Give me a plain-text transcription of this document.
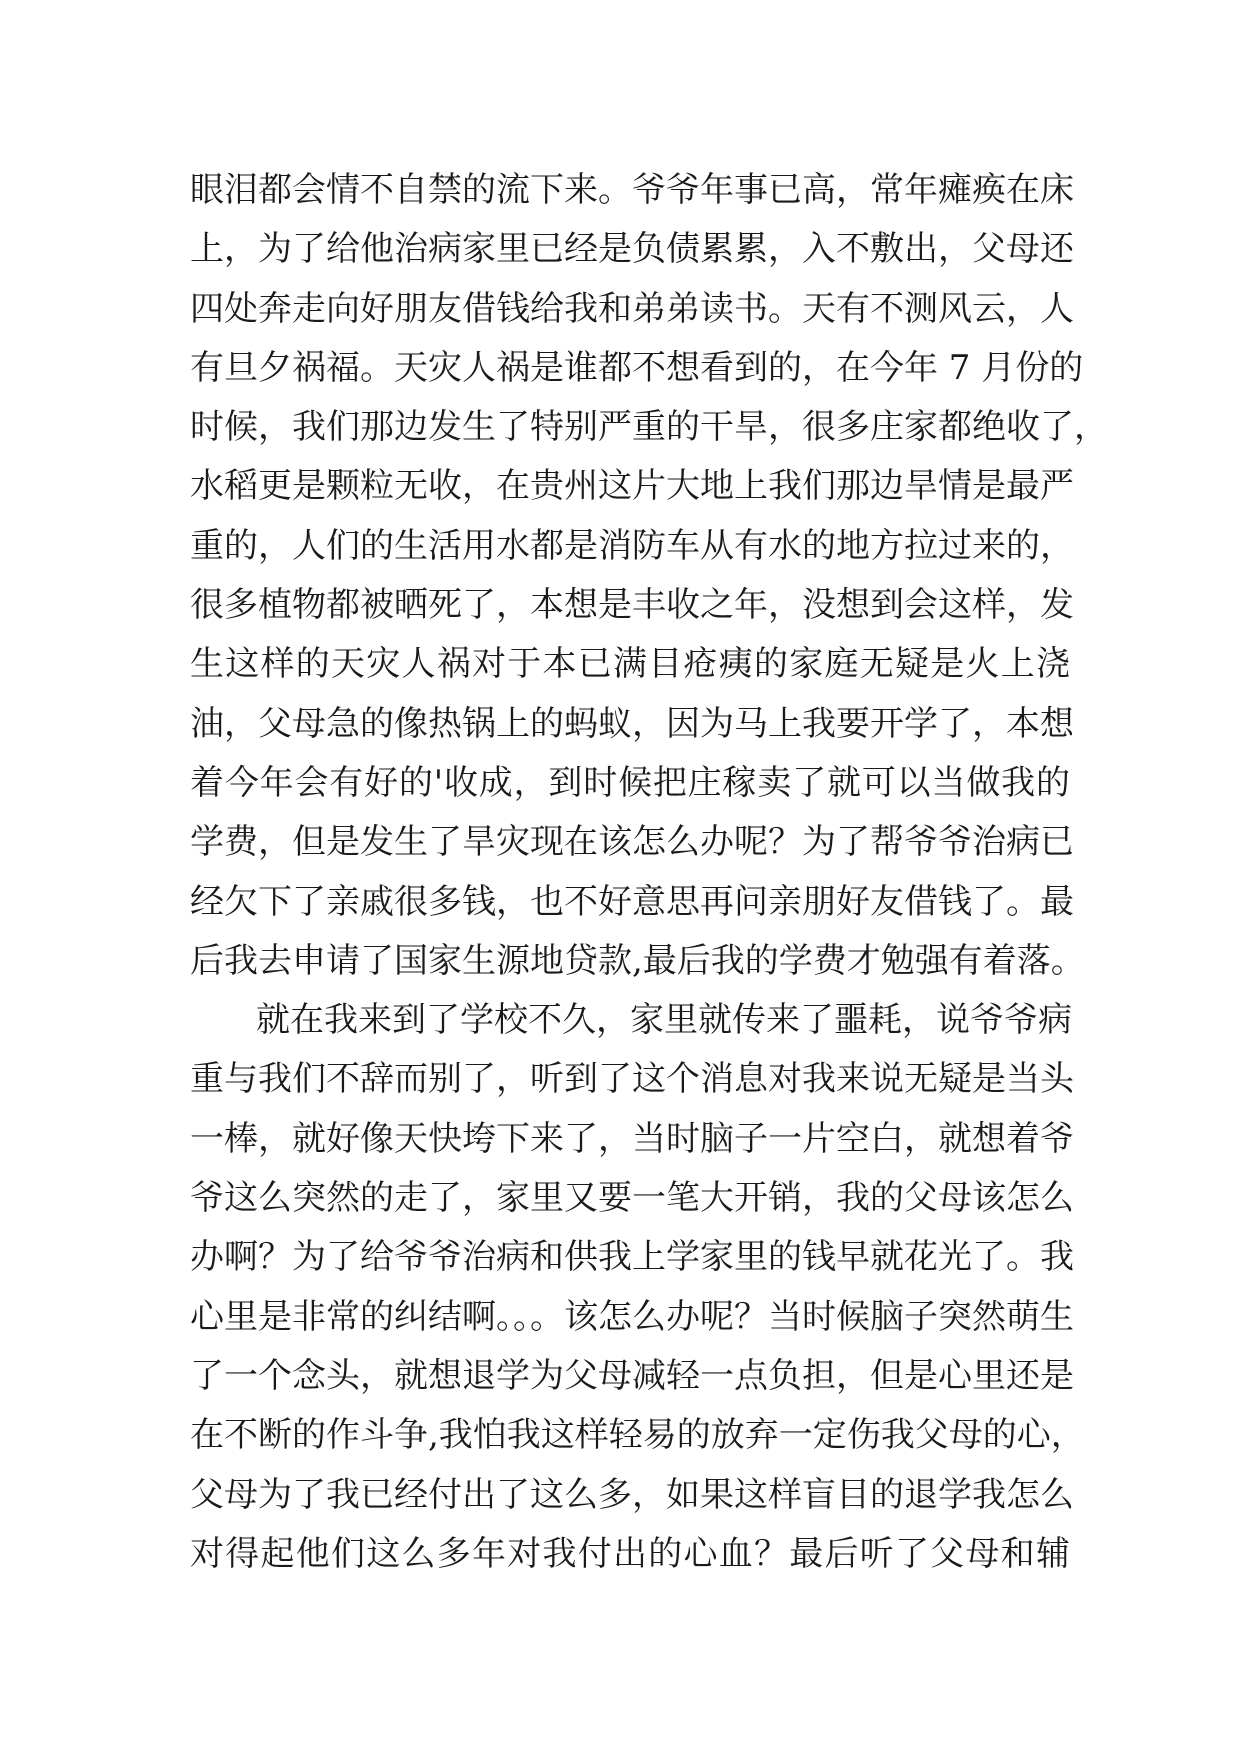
眼泪都会情不自禁的流下来。爷爷年事已高，常年瘫痪在床
上，为了给他治病家里已经是负债累累，入不敷出，父母还
四处奔走向好朋友借钱给我和弟弟读书。天有不测风云，人
有旦夕祸福。天灾人祸是谁都不想看到的，在今年 7 月份的
时候，我们那边发生了特别严重的干旱，很多庄家都绝收了，
水稻更是颗粒无收，在贵州这片大地上我们那边旱情是最严
重的，人们的生活用水都是消防车从有水的地方拉过来的，
很多植物都被晒死了，本想是丰收之年，没想到会这样，发
生这样的天灾人祸对于本已满目疮痍的家庭无疑是火上浇
油，父母急的像热锅上的蚂蚁，因为马上我要开学了，本想
着今年会有好的'收成，到时候把庄稼卖了就可以当做我的
学费，但是发生了旱灾现在该怎么办呢？为了帮爷爷治病已
经欠下了亲戚很多钱，也不好意思再问亲朋好友借钱了。最
后我去申请了国家生源地贷款,最后我的学费才勉强有着落。
就在我来到了学校不久，家里就传来了噩耗，说爷爷病
重与我们不辞而别了，听到了这个消息对我来说无疑是当头
一棒，就好像天快垮下来了，当时脑子一片空白，就想着爷
爷这么突然的走了，家里又要一笔大开销，我的父母该怎么
办啊？为了给爷爷治病和供我上学家里的钱早就花光了。我
心里是非常的纠结啊。。。该怎么办呢？当时候脑子突然萌生
了一个念头，就想退学为父母减轻一点负担，但是心里还是
在不断的作斗争,我怕我这样轻易的放弃一定伤我父母的心，
父母为了我已经付出了这么多，如果这样盲目的退学我怎么
对得起他们这么多年对我付出的心血？最后听了父母和辅
